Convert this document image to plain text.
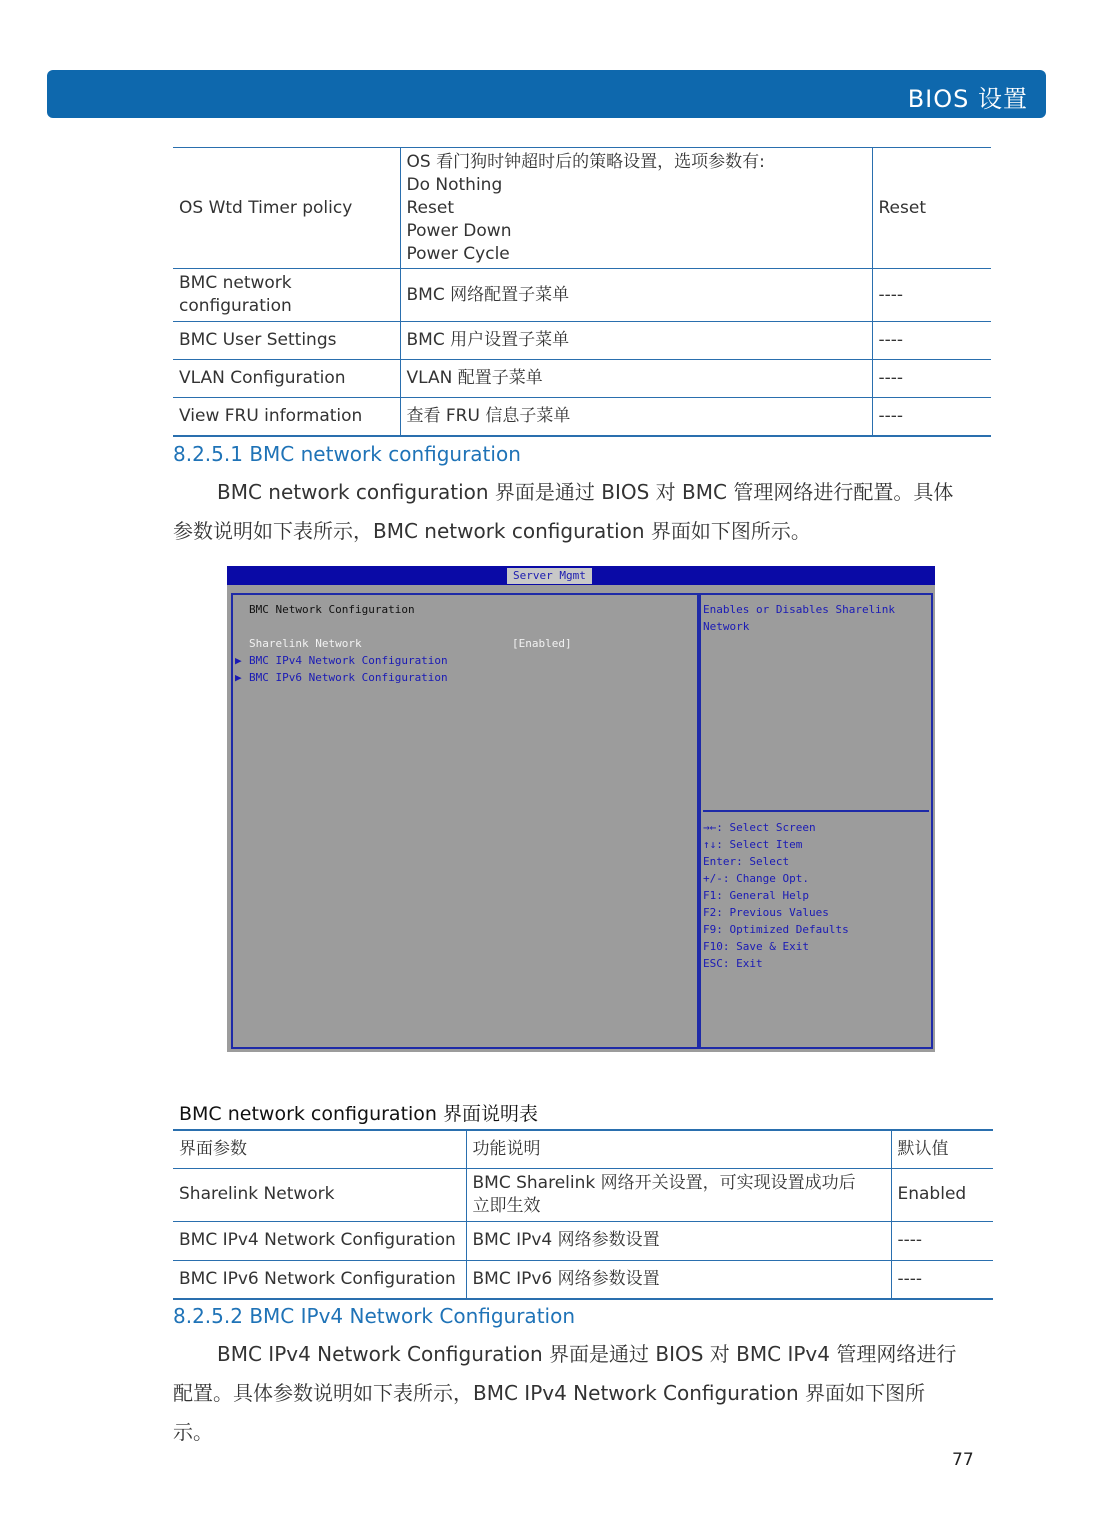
BIOS 设置
OS Wtd Timer policy	OS 看门狗时钟超时后的策略设置，选项参数有:
Do Nothing
Reset
Power Down
Power Cycle	Reset

BMC network
configuration	BMC 网络配置子菜单	----
BMC User Settings	BMC 用户设置子菜单	----
VLAN Configuration	VLAN 配置子菜单	----
View FRU information	查看 FRU 信息子菜单	----
8.2.5.1 BMC network configuration
BMC network configuration 界面是通过 BIOS 对 BMC 管理网络进行配置。具体
参数说明如下表所示，BMC network configuration 界面如下图所示。
Server Mgmt
BMC Network Configuration
Sharelink Network	[Enabled]
▶ BMC IPv4 Network Configuration
▶ BMC IPv6 Network Configuration
Enables or Disables Sharelink
Network
→←: Select Screen
↑↓: Select Item
Enter: Select
+/-: Change Opt.
F1: General Help
F2: Previous Values
F9: Optimized Defaults
F10: Save & Exit
ESC: Exit
BMC network configuration 界面说明表
界面参数	功能说明	默认值
Sharelink Network	BMC Sharelink 网络开关设置，可实现设置成功后
立即生效	Enabled
BMC IPv4 Network Configuration	BMC IPv4 网络参数设置	----
BMC IPv6 Network Configuration	BMC IPv6 网络参数设置	----
8.2.5.2 BMC IPv4 Network Configuration
BMC IPv4 Network Configuration 界面是通过 BIOS 对 BMC IPv4 管理网络进行
配置。具体参数说明如下表所示，BMC IPv4 Network Configuration 界面如下图所
示。
77
